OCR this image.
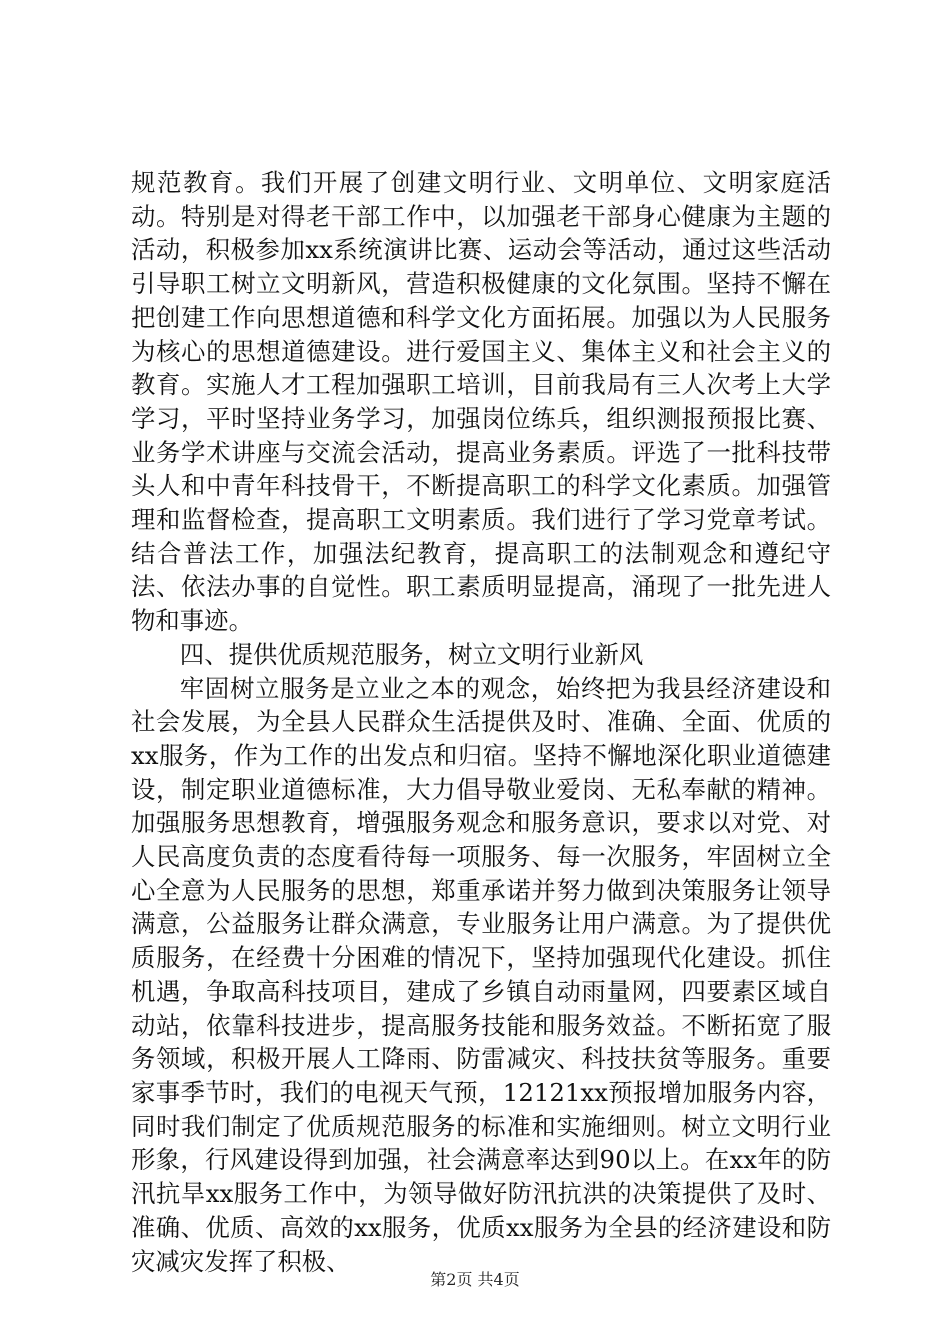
规范教育。我们开展了创建文明行业、文明单位、文明家庭活动。特别是对得老干部工作中，以加强老干部身心健康为主题的活动，积极参加xx系统演讲比赛、运动会等活动，通过这些活动引导职工树立文明新风，营造积极健康的文化氛围。坚持不懈在把创建工作向思想道德和科学文化方面拓展。加强以为人民服务为核心的思想道德建设。进行爱国主义、集体主义和社会主义的教育。实施人才工程加强职工培训，目前我局有三人次考上大学学习，平时坚持业务学习，加强岗位练兵，组织测报预报比赛、业务学术讲座与交流会活动，提高业务素质。评选了一批科技带头人和中青年科技骨干，不断提高职工的科学文化素质。加强管理和监督检查，提高职工文明素质。我们进行了学习党章考试。结合普法工作，加强法纪教育，提高职工的法制观念和遵纪守法、依法办事的自觉性。职工素质明显提高，涌现了一批先进人物和事迹。

四、提供优质规范服务，树立文明行业新风

牢固树立服务是立业之本的观念，始终把为我县经济建设和社会发展，为全县人民群众生活提供及时、准确、全面、优质的xx服务，作为工作的出发点和归宿。坚持不懈地深化职业道德建设，制定职业道德标准，大力倡导敬业爱岗、无私奉献的精神。加强服务思想教育，增强服务观念和服务意识，要求以对党、对人民高度负责的态度看待每一项服务、每一次服务，牢固树立全心全意为人民服务的思想，郑重承诺并努力做到决策服务让领导满意，公益服务让群众满意，专业服务让用户满意。为了提供优质服务，在经费十分困难的情况下，坚持加强现代化建设。抓住机遇，争取高科技项目，建成了乡镇自动雨量网，四要素区域自动站，依靠科技进步，提高服务技能和服务效益。不断拓宽了服务领域，积极开展人工降雨、防雷减灾、科技扶贫等服务。重要家事季节时，我们的电视天气预，12121xx预报增加服务内容，同时我们制定了优质规范服务的标准和实施细则。树立文明行业形象，行风建设得到加强，社会满意率达到90以上。在xx年的防汛抗旱xx服务工作中，为领导做好防汛抗洪的决策提供了及时、准确、优质、高效的xx服务，优质xx服务为全县的经济建设和防灾减灾发挥了积极、

第2页 共4页
